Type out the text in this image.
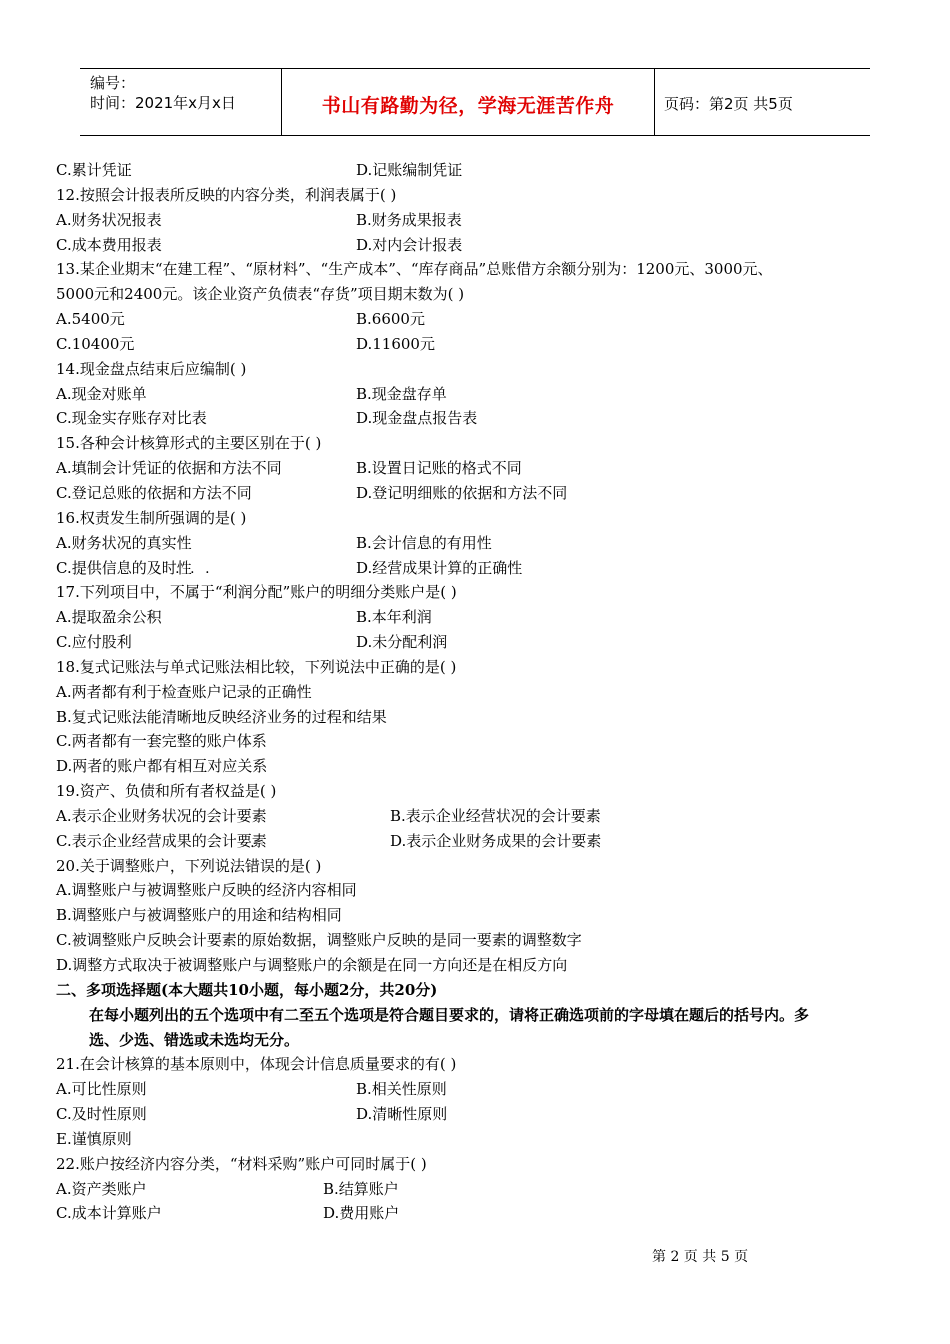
编号：
时间：2021年x月x日	书山有路勤为径，学海无涯苦作舟	页码：第2页 共5页
C.累计凭证	D.记账编制凭证
12.按照会计报表所反映的内容分类，利润表属于( )
A.财务状况报表	B.财务成果报表
C.成本费用报表	D.对内会计报表
13.某企业期末“在建工程”、“原材料”、“生产成本”、“库存商品”总账借方余额分别为：1200元、3000元、
5000元和2400元。该企业资产负债表“存货”项目期末数为( )
A.5400元	B.6600元
C.10400元	D.11600元
14.现金盘点结束后应编制( )
A.现金对账单	B.现金盘存单
C.现金实存账存对比表	D.现金盘点报告表
15.各种会计核算形式的主要区别在于( )
A.填制会计凭证的依据和方法不同	B.设置日记账的格式不同
C.登记总账的依据和方法不同	D.登记明细账的依据和方法不同
16.权责发生制所强调的是( )
A.财务状况的真实性	B.会计信息的有用性
C.提供信息的及时性	D.经营成果计算的正确性
17.下列项目中，不属于“利润分配”账户的明细分类账户是( )
A.提取盈余公积	B.本年利润
C.应付股利	D.未分配利润
18.复式记账法与单式记账法相比较，下列说法中正确的是( )
A.两者都有利于检查账户记录的正确性
B.复式记账法能清晰地反映经济业务的过程和结果
C.两者都有一套完整的账户体系
D.两者的账户都有相互对应关系
19.资产、负债和所有者权益是( )
A.表示企业财务状况的会计要素	B.表示企业经营状况的会计要素
C.表示企业经营成果的会计要素	D.表示企业财务成果的会计要素
20.关于调整账户，下列说法错误的是( )
A.调整账户与被调整账户反映的经济内容相同
B.调整账户与被调整账户的用途和结构相同
C.被调整账户反映会计要素的原始数据，调整账户反映的是同一要素的调整数字
D.调整方式取决于被调整账户与调整账户的余额是在同一方向还是在相反方向
二、多项选择题(本大题共10小题，每小题2分，共20分)
在每小题列出的五个选项中有二至五个选项是符合题目要求的，请将正确选项前的字母填在题后的括号内。多
选、少选、错选或未选均无分。
21.在会计核算的基本原则中，体现会计信息质量要求的有( )
A.可比性原则	B.相关性原则
C.及时性原则	D.清晰性原则
E.谨慎原则
22.账户按经济内容分类，“材料采购”账户可同时属于( )
A.资产类账户	B.结算账户
C.成本计算账户	D.费用账户
第 2 页 共 5 页
